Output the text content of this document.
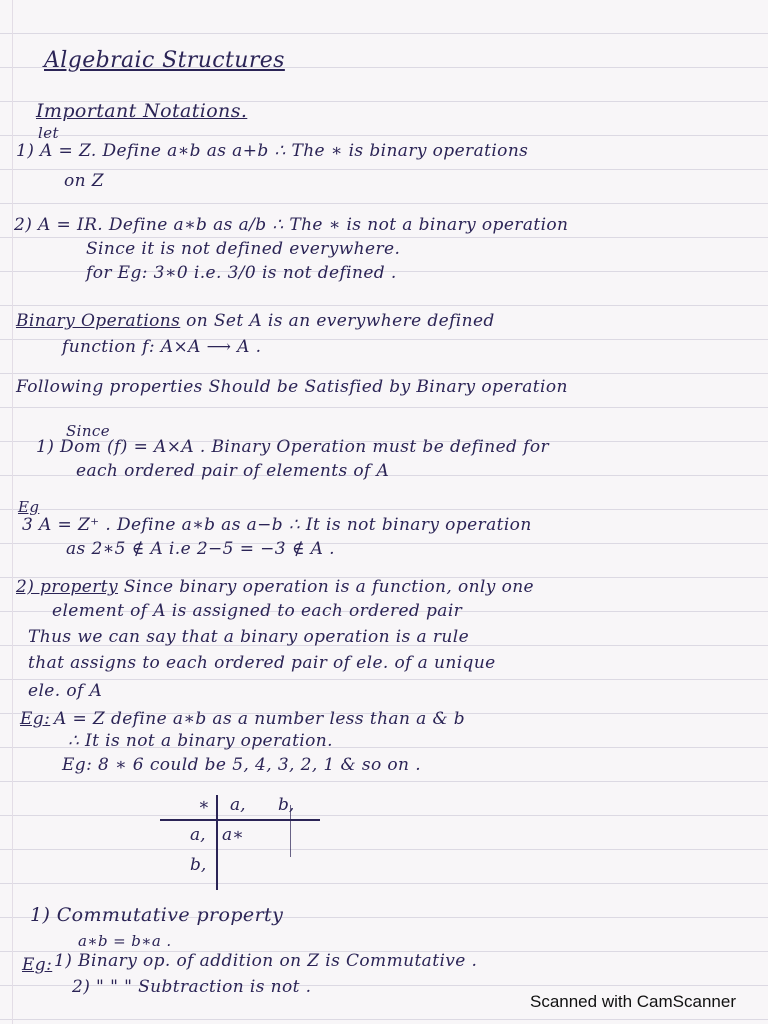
Algebraic Structures
Important Notations.
let
1) A = Z. Define a∗b as a+b ∴ The ∗ is binary operations
on Z
2) A = IR. Define a∗b as a/b ∴ The ∗ is not a binary operation
Since it is not defined everywhere.
for Eg: 3∗0 i.e. 3/0 is not defined .
Binary Operations on Set A is an everywhere defined
function f: A×A ⟶ A .
Following properties Should be Satisfied by Binary operation
Since
1) Dom (f) = A×A . Binary Operation must be defined for
each ordered pair of elements of A
Eg
3 A = Z⁺ . Define a∗b as a−b ∴ It is not binary operation
as 2∗5 ∉ A i.e 2−5 = −3 ∉ A .
2) property Since binary operation is a function, only one
element of A is assigned to each ordered pair
Thus we can say that a binary operation is a rule
that assigns to each ordered pair of ele. of a unique
ele. of A
Eg: A = Z define a∗b as a number less than a & b
∴ It is not a binary operation.
Eg: 8 ∗ 6 could be 5, 4, 3, 2, 1 & so on .
∗ a, b,
a,
b,
a∗
1) Commutative property
a∗b = b∗a .
Eg: 1) Binary op. of addition on Z is Commutative .
2) " " " Subtraction is not .
Scanned with CamScanner
